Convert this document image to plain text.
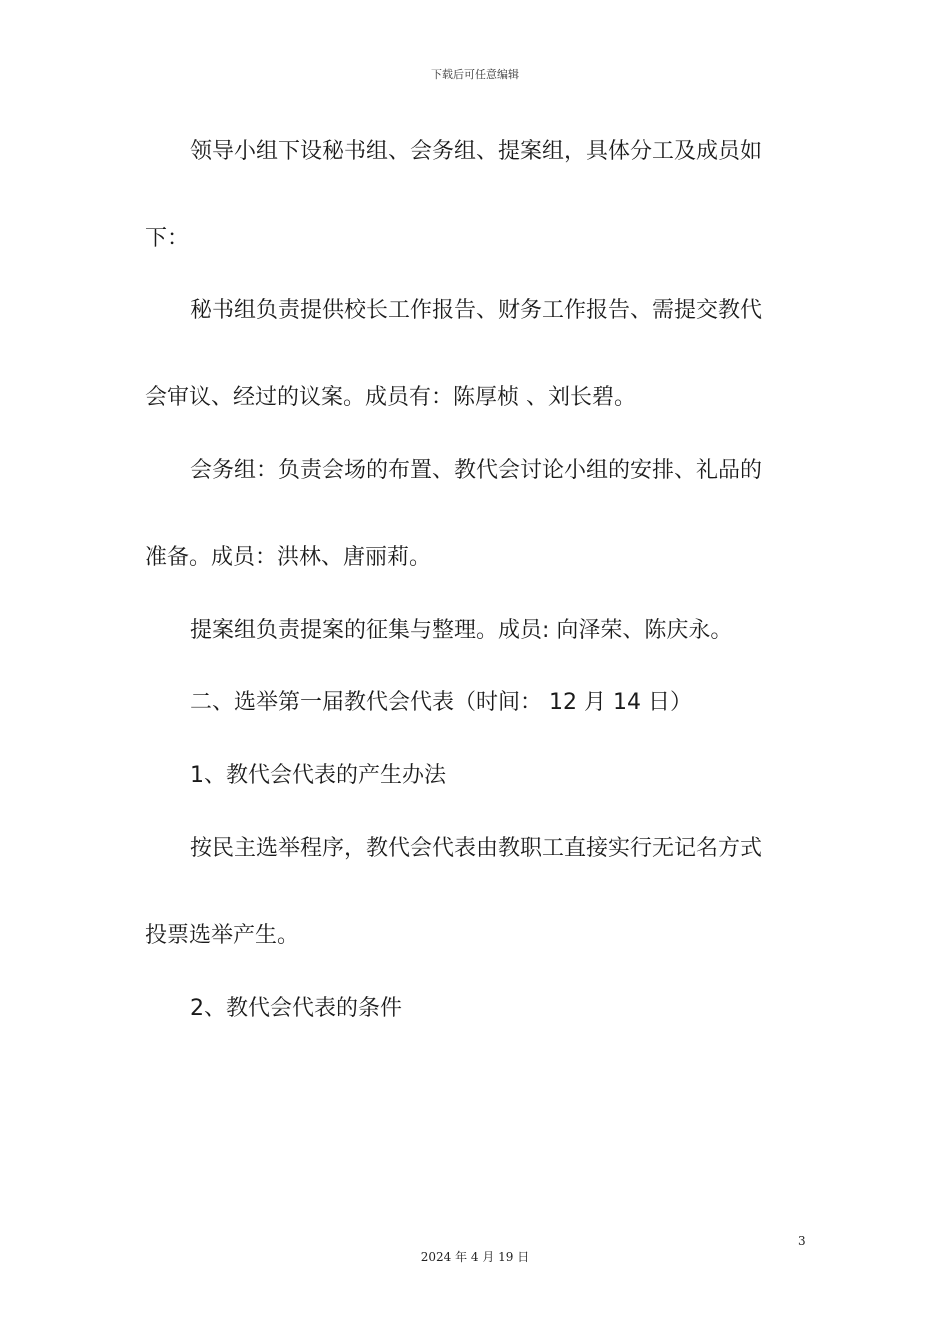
下载后可任意编辑
领导小组下设秘书组、会务组、提案组，具体分工及成员如
下：
秘书组负责提供校长工作报告、财务工作报告、需提交教代
会审议、经过的议案。成员有：陈厚桢 、刘长碧。
会务组：负责会场的布置、教代会讨论小组的安排、礼品的
准备。成员：洪林、唐丽莉。
提案组负责提案的征集与整理。成员: 向泽荣、陈庆永。
二、选举第一届教代会代表（时间： 12 月 14 日）
1、教代会代表的产生办法
按民主选举程序，教代会代表由教职工直接实行无记名方式
投票选举产生。
2、教代会代表的条件
3
2024 年 4 月 19 日
